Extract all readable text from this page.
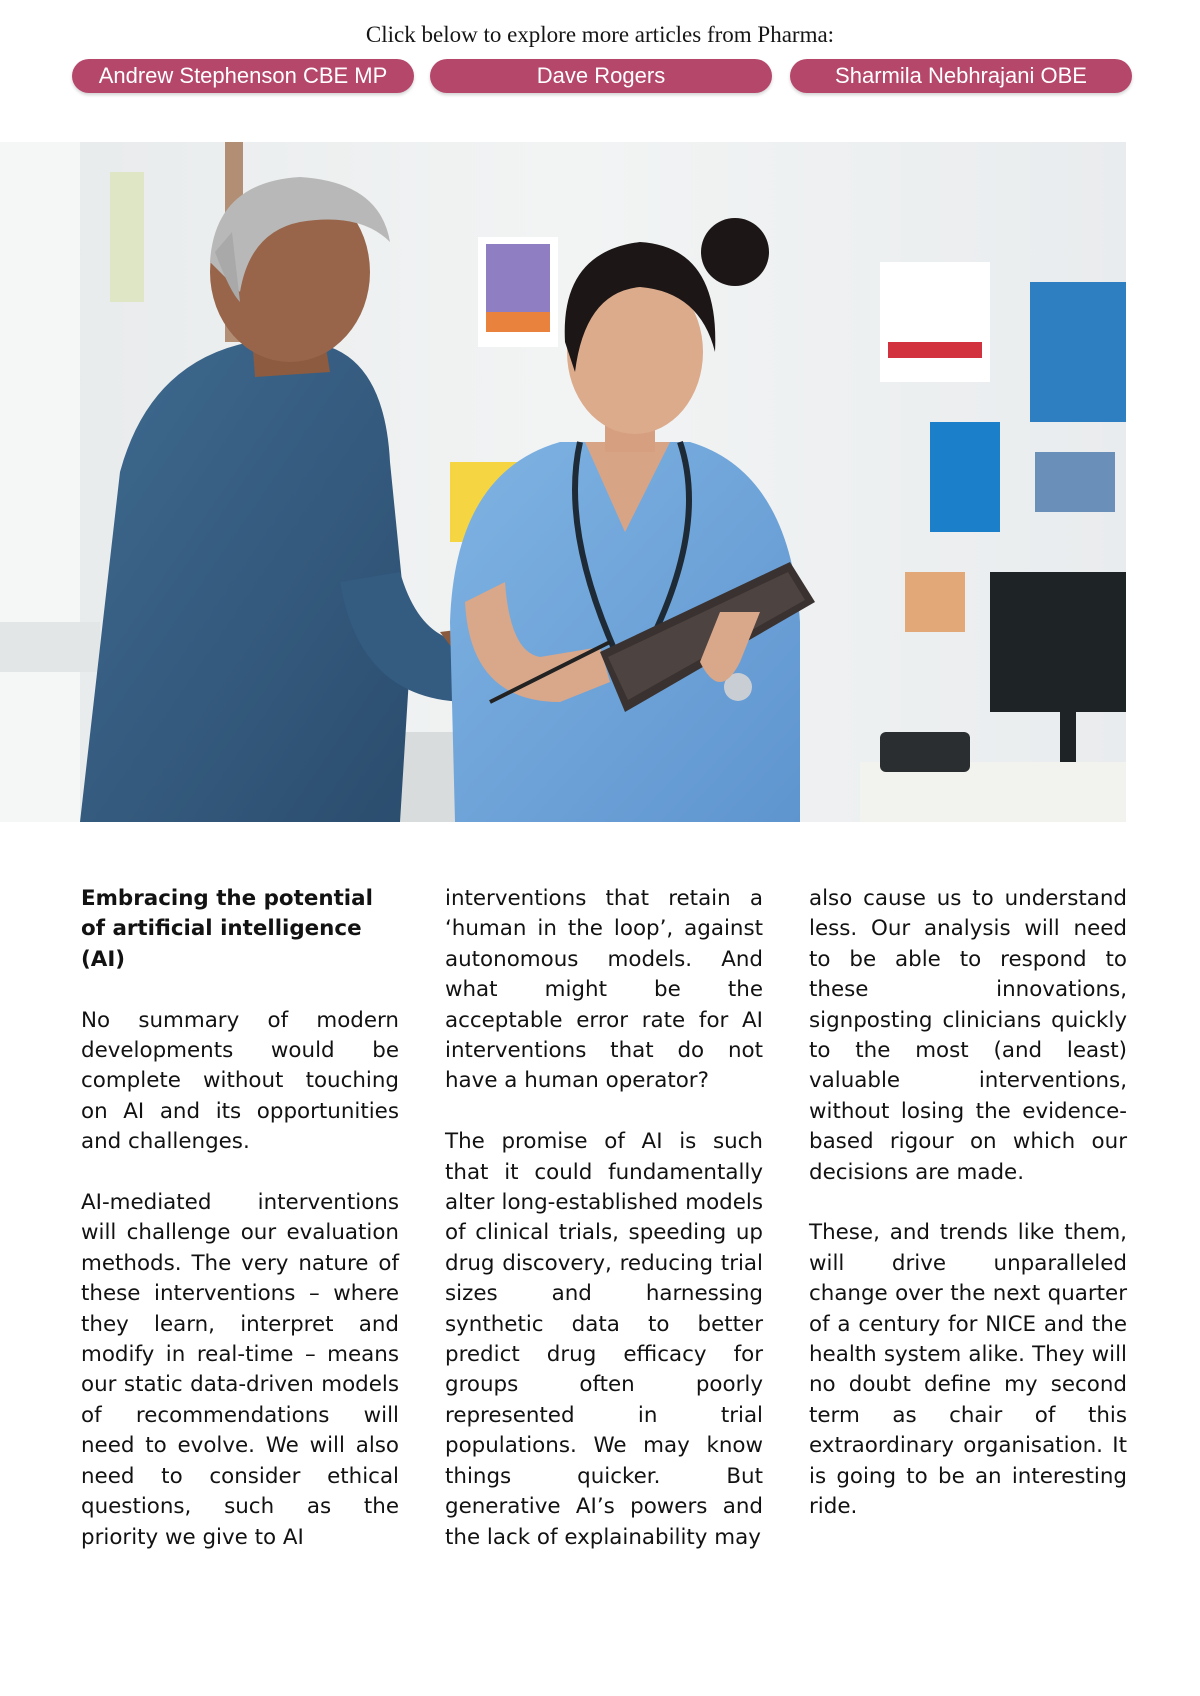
Click below to explore more articles from Pharma:
Andrew Stephenson CBE MP	Dave Rogers	Sharmila Nebhrajani OBE

Embracing the potential of artificial intelligence (AI)

No summary of modern developments would be complete without touching on AI and its opportunities and challenges.

AI-mediated interventions will challenge our evaluation methods. The very nature of these interventions – where they learn, interpret and modify in real-time – means our static data-driven models of recommendations will need to evolve. We will also need to consider ethical questions, such as the priority we give to AI

interventions that retain a ‘human in the loop’, against autonomous models. And what might be the acceptable error rate for AI interventions that do not have a human operator?

The promise of AI is such that it could fundamentally alter long-established models of clinical trials, speeding up drug discovery, reducing trial sizes and harnessing synthetic data to better predict drug efficacy for groups often poorly represented in trial populations. We may know things quicker. But generative AI’s powers and the lack of explainability may

also cause us to understand less. Our analysis will need to be able to respond to these innovations, signposting clinicians quickly to the most (and least) valuable interventions, without losing the evidence-based rigour on which our decisions are made.

These, and trends like them, will drive unparalleled change over the next quarter of a century for NICE and the health system alike. They will no doubt define my second term as chair of this extraordinary organisation. It is going to be an interesting ride.
